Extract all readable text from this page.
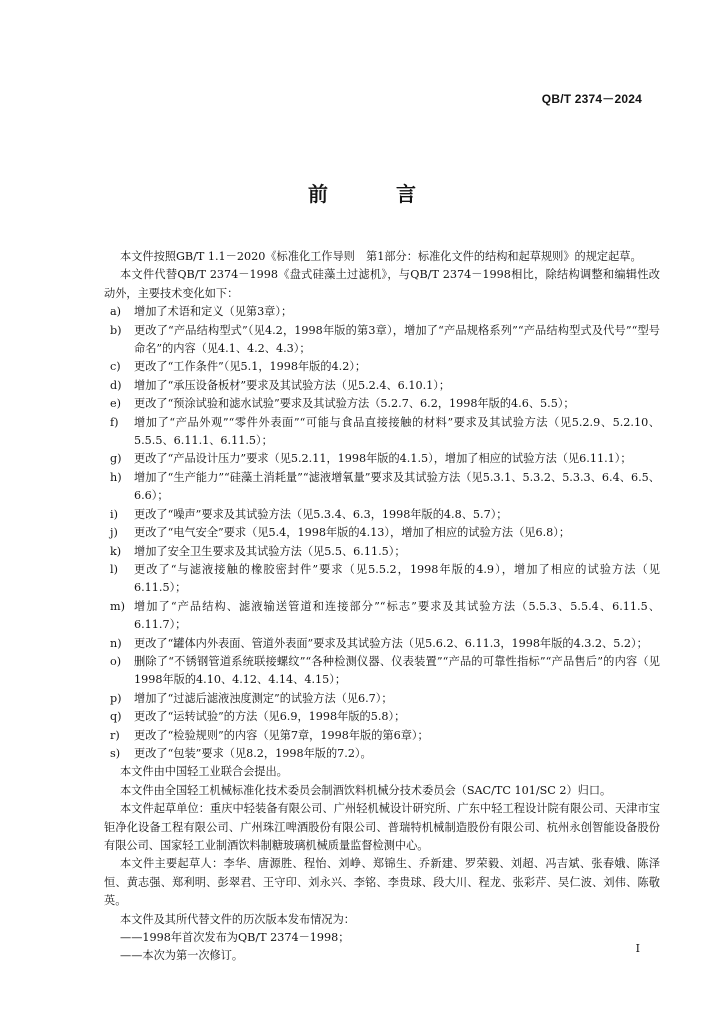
QB/T 2374－2024
前　言

本文件按照GB/T 1.1－2020《标准化工作导则　第1部分：标准化文件的结构和起草规则》的规定起草。

本文件代替QB/T 2374－1998《盘式硅藻土过滤机》，与QB/T 2374－1998相比，除结构调整和编辑性改动外，主要技术变化如下：

a)	增加了术语和定义（见第3章）；
b)	更改了“产品结构型式”（见4.2，1998年版的第3章），增加了“产品规格系列”“产品结构型式及代号”“型号命名”的内容（见4.1、4.2、4.3）；
c)	更改了“工作条件”（见5.1，1998年版的4.2）；
d)	增加了“承压设备板材”要求及其试验方法（见5.2.4、6.10.1）；
e)	更改了“预涂试验和滤水试验”要求及其试验方法（5.2.7、6.2，1998年版的4.6、5.5）；
f)	增加了“产品外观”“零件外表面”“可能与食品直接接触的材料”要求及其试验方法（见5.2.9、5.2.10、5.5.5、6.11.1、6.11.5）；
g)	更改了“产品设计压力”要求（见5.2.11，1998年版的4.1.5），增加了相应的试验方法（见6.11.1）；
h)	增加了“生产能力”“硅藻土消耗量”“滤液增氧量”要求及其试验方法（见5.3.1、5.3.2、5.3.3、6.4、6.5、6.6）；
i)	更改了“噪声”要求及其试验方法（见5.3.4、6.3，1998年版的4.8、5.7）；
j)	更改了“电气安全”要求（见5.4，1998年版的4.13），增加了相应的试验方法（见6.8）；
k)	增加了安全卫生要求及其试验方法（见5.5、6.11.5）；
l)	更改了“与滤液接触的橡胶密封件”要求（见5.5.2，1998年版的4.9），增加了相应的试验方法（见6.11.5）；
m) 增加了“产品结构、滤液输送管道和连接部分”“标志”要求及其试验方法（5.5.3、5.5.4、6.11.5、6.11.7）；
n)	更改了“罐体内外表面、管道外表面”要求及其试验方法（见5.6.2、6.11.3，1998年版的4.3.2、5.2）；
o)	删除了“不锈钢管道系统联接螺纹”“各种检测仪器、仪表装置”“产品的可靠性指标”“产品售后”的内容（见1998年版的4.10、4.12、4.14、4.15）；
p)	增加了“过滤后滤液浊度测定”的试验方法（见6.7）；
q)	更改了“运转试验”的方法（见6.9，1998年版的5.8）；
r)	更改了“检验规则”的内容（见第7章，1998年版的第6章）；
s)	更改了“包装”要求（见8.2，1998年版的7.2）。

本文件由中国轻工业联合会提出。

本文件由全国轻工机械标准化技术委员会制酒饮料机械分技术委员会（SAC/TC 101/SC 2）归口。

本文件起草单位：重庆中轻装备有限公司、广州轻机械设计研究所、广东中轻工程设计院有限公司、天津市宝钜净化设备工程有限公司、广州珠江啤酒股份有限公司、普瑞特机械制造股份有限公司、杭州永创智能设备股份有限公司、国家轻工业制酒饮料制糖玻璃机械质量监督检测中心。

本文件主要起草人：李华、唐源胜、程怡、刘峥、郑锦生、乔新建、罗荣毅、刘超、冯吉斌、张春娥、陈泽恒、黄志强、郑利明、彭翠君、王守印、刘永兴、李铭、李贵球、段大川、程龙、张彩芹、吴仁波、刘伟、陈敬英。

本文件及其所代替文件的历次版本发布情况为：

——1998年首次发布为QB/T 2374－1998；

——本次为第一次修订。

I
